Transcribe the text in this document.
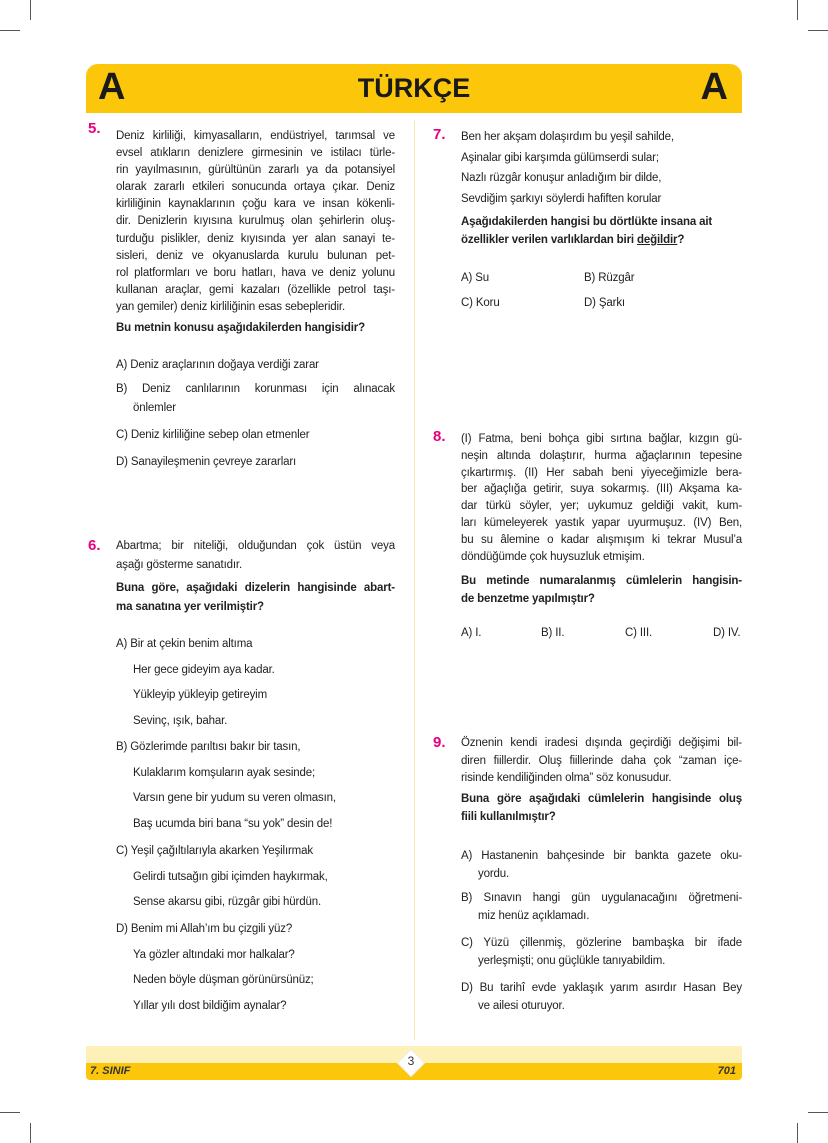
A	TÜRKÇE	A
5. Deniz kirliliği, kimyasalların, endüstriyel, tarımsal ve
evsel atıkların denizlere girmesinin ve istilacı türle-
rin yayılmasının, gürültünün zararlı ya da potansiyel
olarak zararlı etkileri sonucunda ortaya çıkar. Deniz
kirliliğinin kaynaklarının çoğu kara ve insan kökenli-
dir. Denizlerin kıyısına kurulmuş olan şehirlerin oluş-
turduğu pislikler, deniz kıyısında yer alan sanayi te-
sisleri, deniz ve okyanuslarda kurulu bulunan pet-
rol platformları ve boru hatları, hava ve deniz yolunu
kullanan araçlar, gemi kazaları (özellikle petrol taşı-
yan gemiler) deniz kirliliğinin esas sebepleridir.
Bu metnin konusu aşağıdakilerden hangisidir?
A) Deniz araçlarının doğaya verdiği zarar
B) Deniz canlılarının korunması için alınacak
önlemler
C) Deniz kirliliğine sebep olan etmenler
D) Sanayileşmenin çevreye zararları
6. Abartma; bir niteliği, olduğundan çok üstün veya
aşağı gösterme sanatıdır.
Buna göre, aşağıdaki dizelerin hangisinde abart-
ma sanatına yer verilmiştir?
A) Bir at çekin benim altıma
Her gece gideyim aya kadar.
Yükleyip yükleyip getireyim
Sevinç, ışık, bahar.
B) Gözlerimde parıltısı bakır bir tasın,
Kulaklarım komşuların ayak sesinde;
Varsın gene bir yudum su veren olmasın,
Baş ucumda biri bana “su yok” desin de!
C) Yeşil çağıltılarıyla akarken Yeşilırmak
Gelirdi tutsağın gibi içimden haykırmak,
Sense akarsu gibi, rüzgâr gibi hürdün.
D) Benim mi Allah’ım bu çizgili yüz?
Ya gözler altındaki mor halkalar?
Neden böyle düşman görünürsünüz;
Yıllar yılı dost bildiğim aynalar?
7. Ben her akşam dolaşırdım bu yeşil sahilde,
Aşinalar gibi karşımda gülümserdi sular;
Nazlı rüzgâr konuşur anladığım bir dilde,
Sevdiğim şarkıyı söylerdi hafiften korular
Aşağıdakilerden hangisi bu dörtlükte insana ait
özellikler verilen varlıklardan biri değildir?
A) Su	B) Rüzgâr
C) Koru	D) Şarkı
8. (I) Fatma, beni bohça gibi sırtına bağlar, kızgın gü-
neşin altında dolaştırır, hurma ağaçlarının tepesine
çıkartırmış. (II) Her sabah beni yiyeceğimizle bera-
ber ağaçlığa getirir, suya sokarmış. (III) Akşama ka-
dar türkü söyler, yer; uykumuz geldiği vakit, kum-
ları kümeleyerek yastık yapar uyurmuşuz. (IV) Ben,
bu su âlemine o kadar alışmışım ki tekrar Musul’a
döndüğümde çok huysuzluk etmişim.
Bu metinde numaralanmış cümlelerin hangisin-
de benzetme yapılmıştır?
A) I.	B) II.	C) III.	D) IV.
9. Öznenin kendi iradesi dışında geçirdiği değişimi bil-
diren fiillerdir. Oluş fiillerinde daha çok “zaman içe-
risinde kendiliğinden olma” söz konusudur.
Buna göre aşağıdaki cümlelerin hangisinde oluş
fiili kullanılmıştır?
A) Hastanenin bahçesinde bir bankta gazete oku-
yordu.
B) Sınavın hangi gün uygulanacağını öğretmeni-
miz henüz açıklamadı.
C) Yüzü çillenmiş, gözlerine bambaşka bir ifade
yerleşmişti; onu güçlükle tanıyabildim.
D) Bu tarihî evde yaklaşık yarım asırdır Hasan Bey
ve ailesi oturuyor.
7. SINIF	701
3
